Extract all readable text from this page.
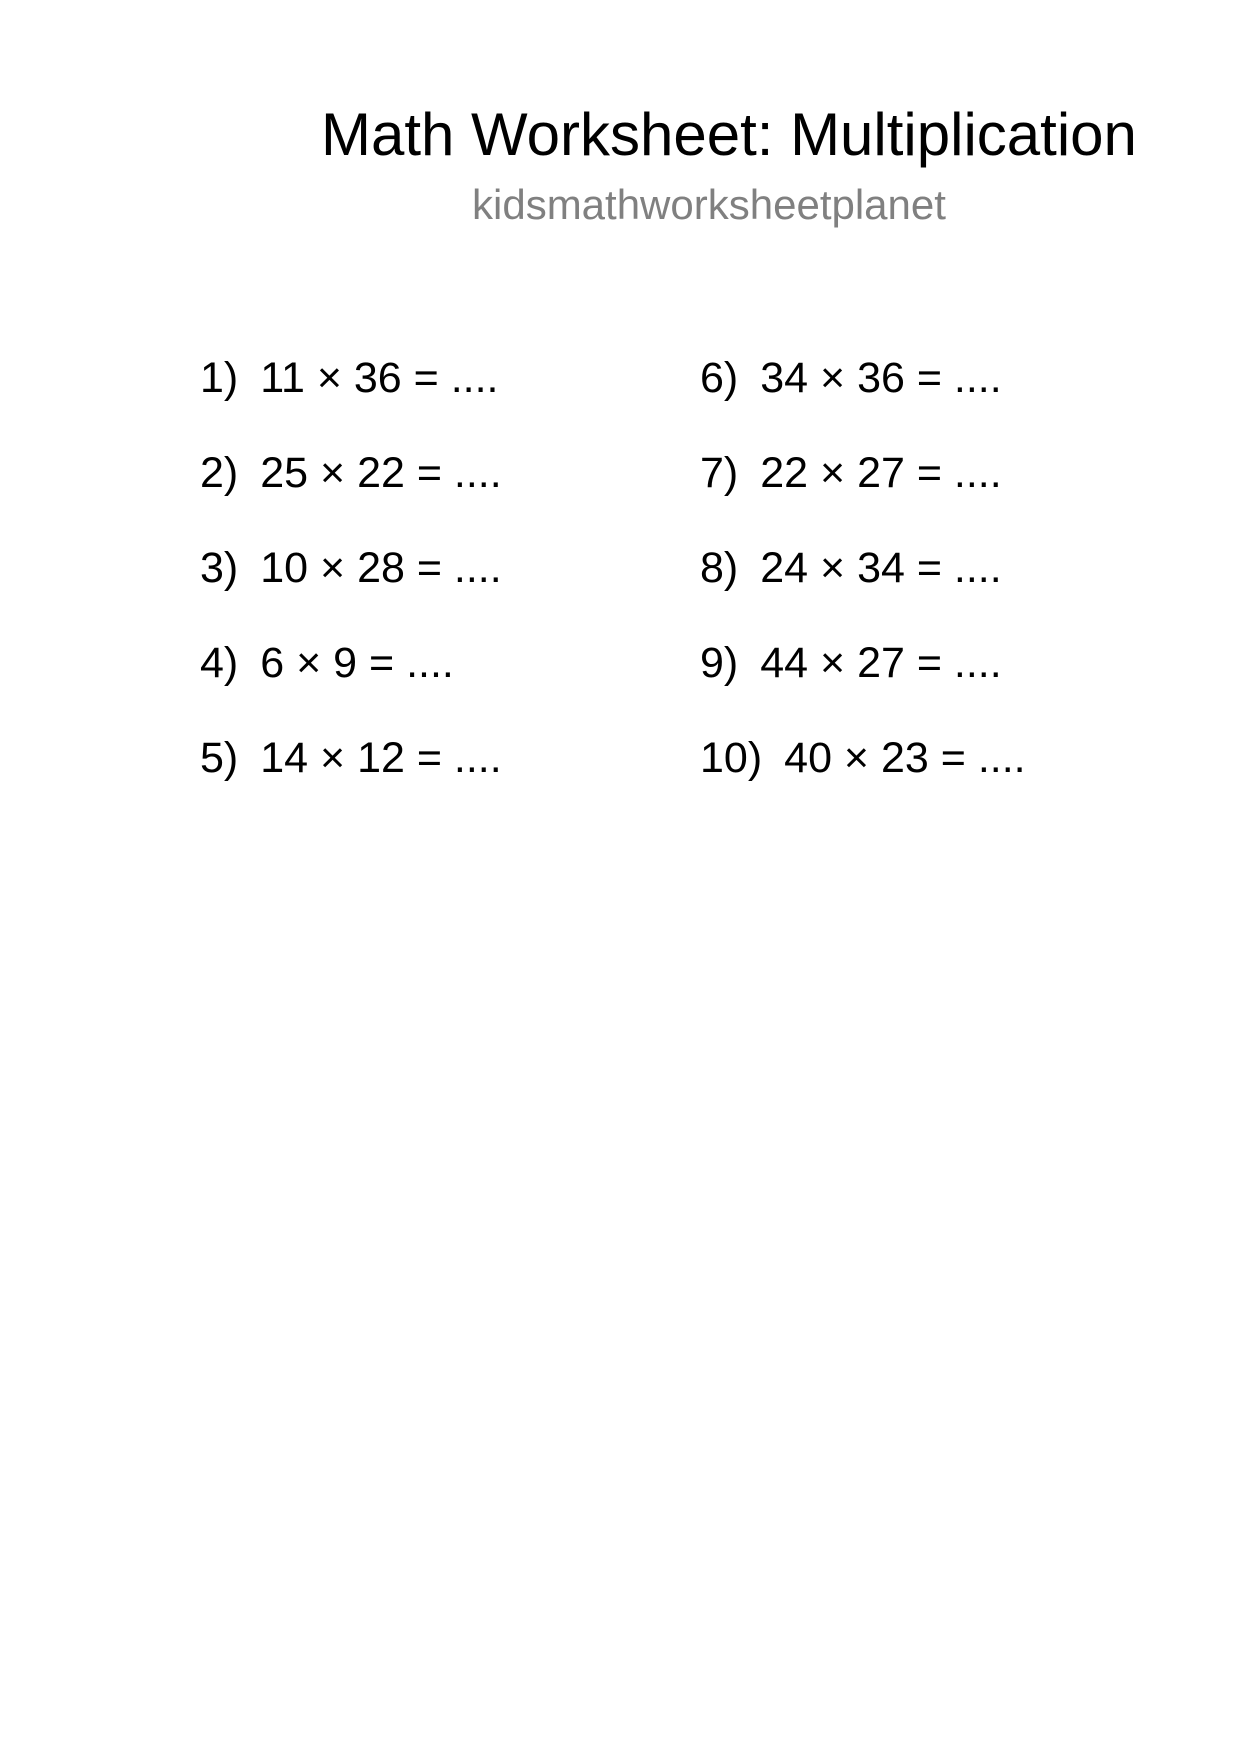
Math Worksheet: Multiplication
kidsmathworksheetplanet
1) 11 × 36 = ....
2) 25 × 22 = ....
3) 10 × 28 = ....
4) 6 × 9 = ....
5) 14 × 12 = ....
6) 34 × 36 = ....
7) 22 × 27 = ....
8) 24 × 34 = ....
9) 44 × 27 = ....
10) 40 × 23 = ....
